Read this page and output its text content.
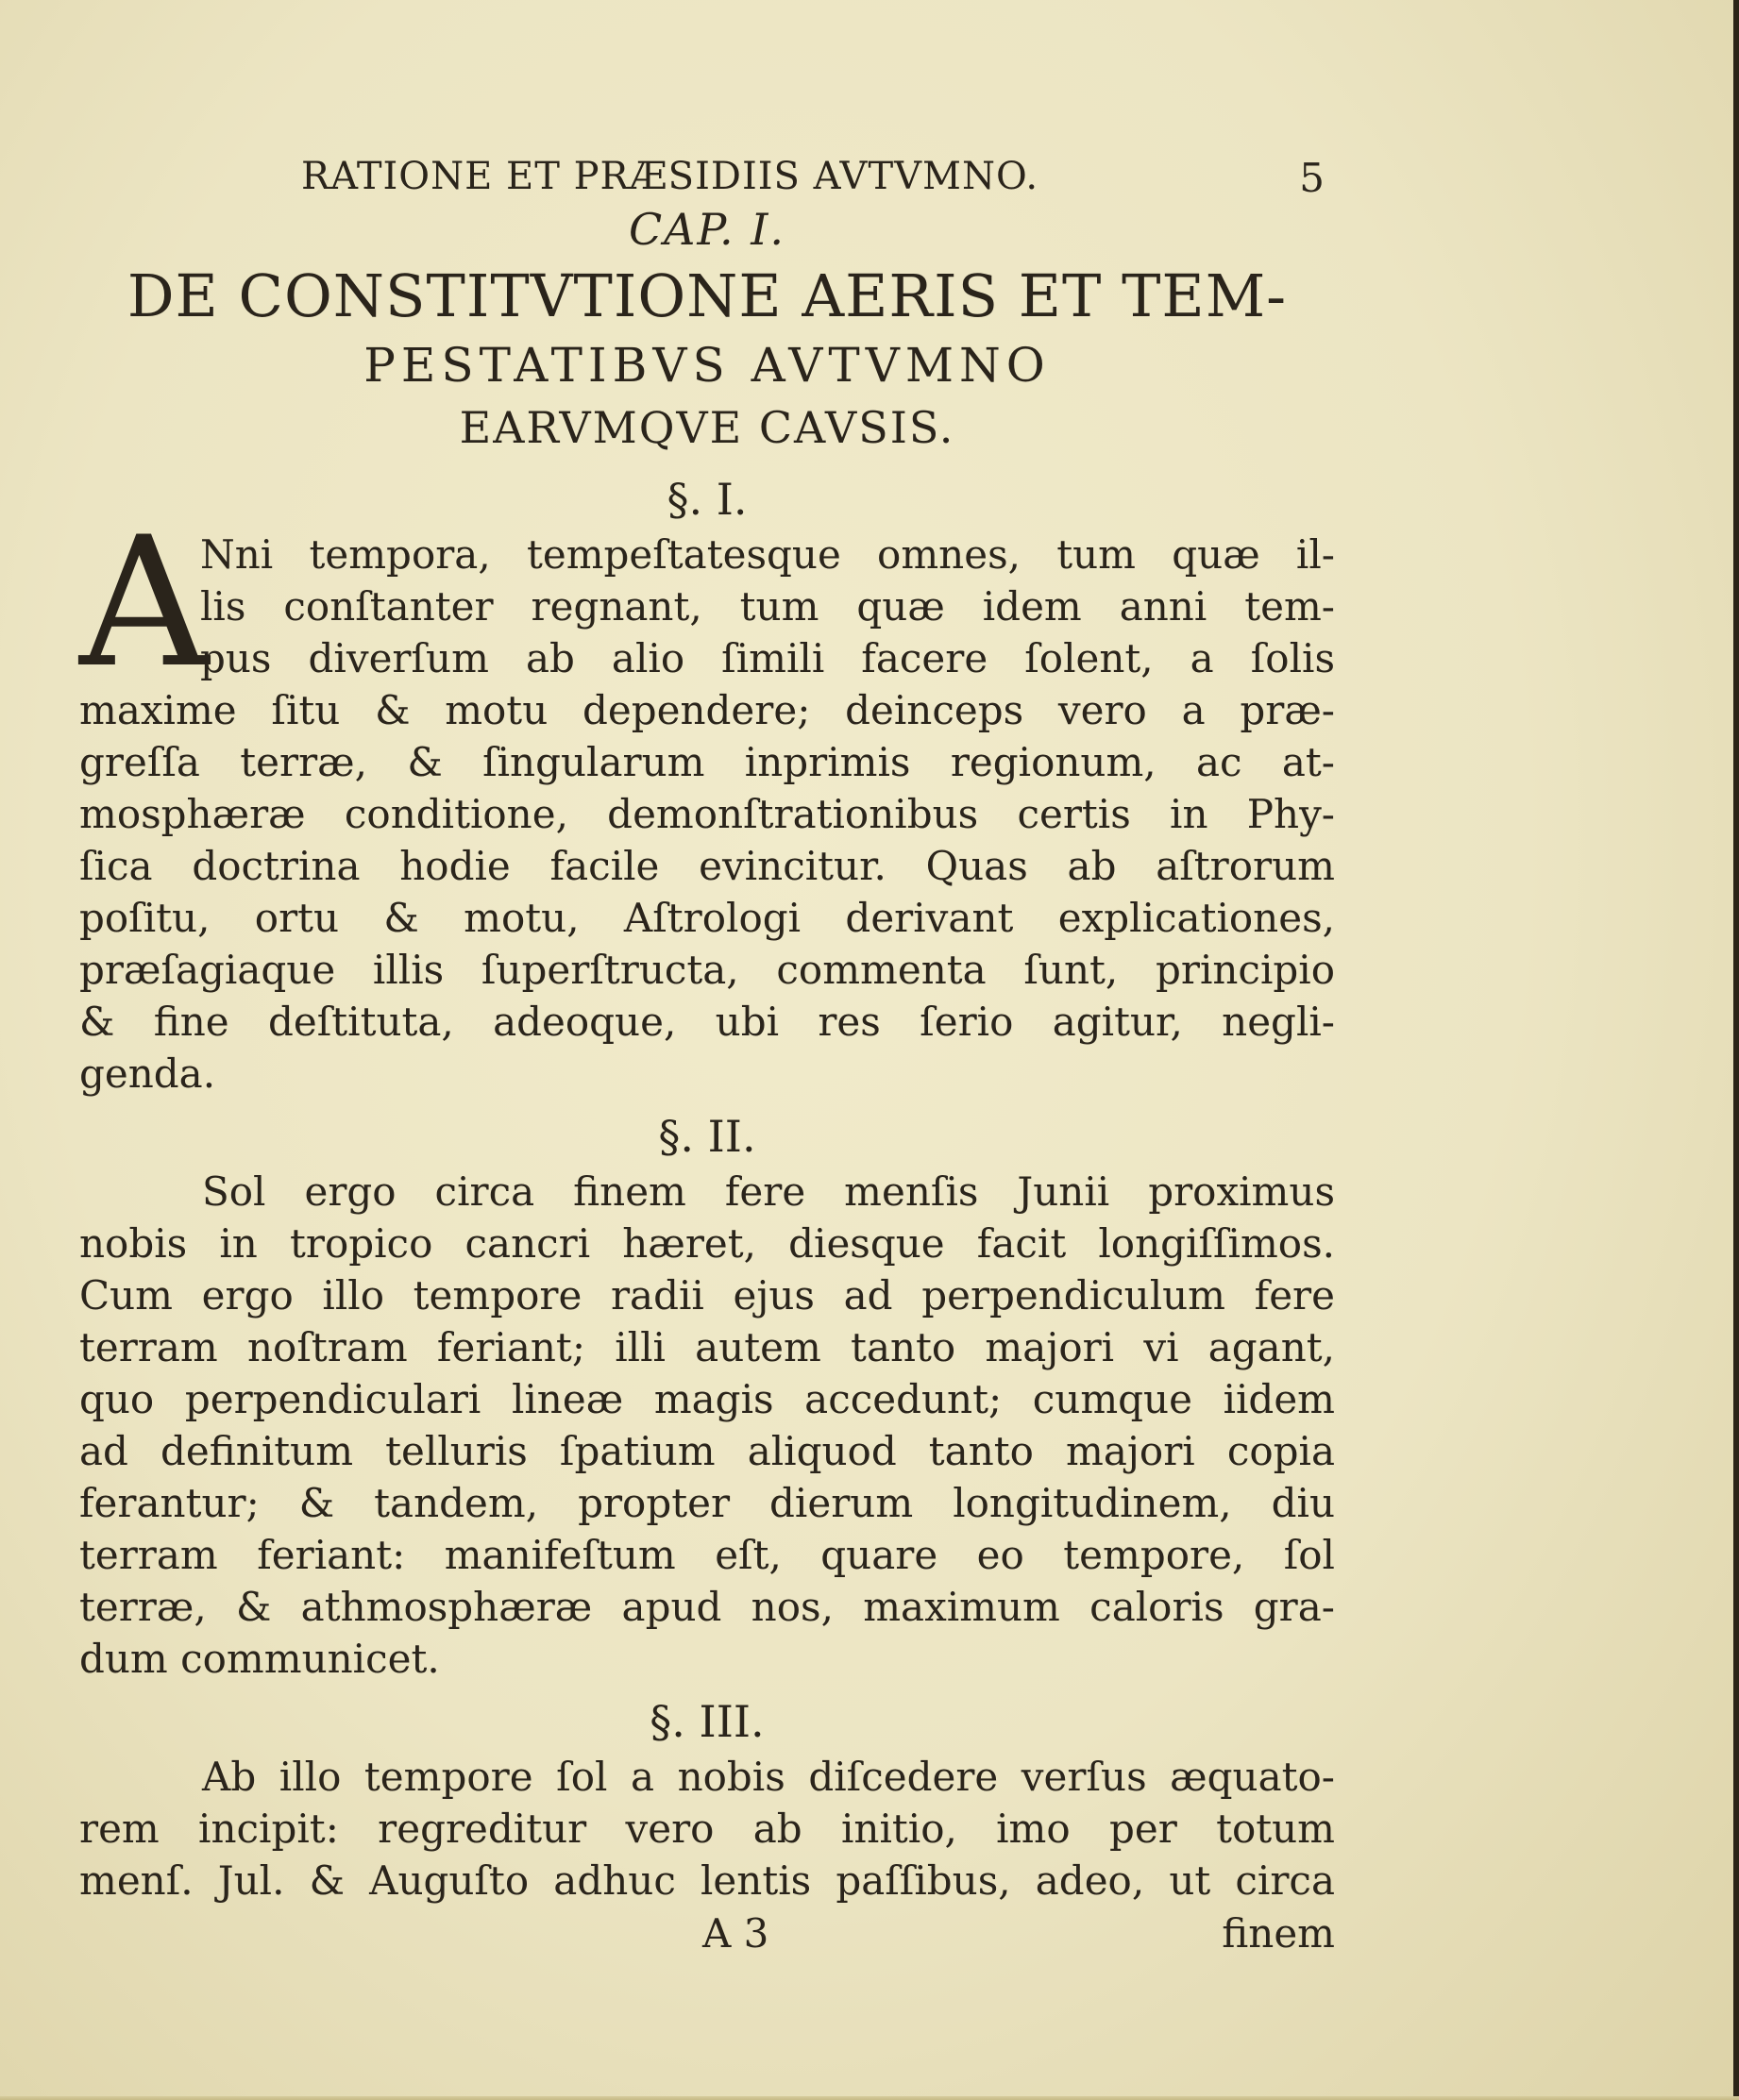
RATIONE ET PRÆSIDIIS AVTVMNO.	5
CAP. I.
DE CONSTITVTIONE AERIS ET TEM-
PESTATIBVS AVTVMNO
EARVMQVE CAVSIS.
§. I.
A
Nni tempora, tempeſtatesque omnes, tum quæ il-
lis conſtanter regnant, tum quæ idem anni tem-
pus diverſum ab alio ſimili facere ſolent, a ſolis
maxime ſitu & motu dependere; deinceps vero a præ-
greſſa terræ, & ſingularum inprimis regionum, ac at-
mosphæræ conditione, demonſtrationibus certis in Phy-
ſica doctrina hodie facile evincitur. Quas ab aſtrorum
poſitu, ortu & motu, Aſtrologi derivant explicationes,
præſagiaque illis ſuperſtructa, commenta ſunt, principio
& fine deſtituta, adeoque, ubi res ſerio agitur, negli-
genda.
§. II.
Sol ergo circa finem fere menſis Junii proximus
nobis in tropico cancri hæret, diesque facit longiſſimos.
Cum ergo illo tempore radii ejus ad perpendiculum fere
terram noſtram feriant; illi autem tanto majori vi agant,
quo perpendiculari lineæ magis accedunt; cumque iidem
ad definitum telluris ſpatium aliquod tanto majori copia
ferantur; & tandem, propter dierum longitudinem, diu
terram feriant: manifeſtum eſt, quare eo tempore, ſol
terræ, & athmosphæræ apud nos, maximum caloris gra-
dum communicet.
§. III.
Ab illo tempore ſol a nobis diſcedere verſus æquato-
rem incipit: regreditur vero ab initio, imo per totum
menſ. Jul. & Auguſto adhuc lentis paſſibus, adeo, ut circa
A 3	finem
